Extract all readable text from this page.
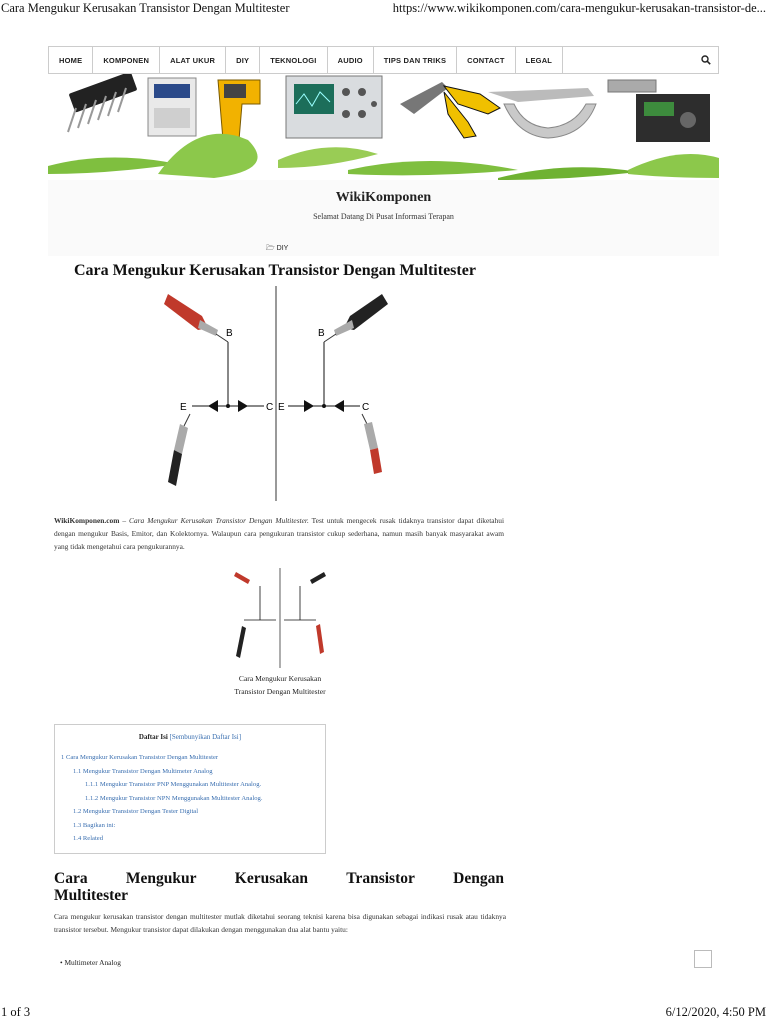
Cara Mengukur Kerusakan Transistor Dengan Multitester	https://www.wikikomponen.com/cara-mengukur-kerusakan-transistor-de...
HOME	KOMPONEN	ALAT UKUR	DIY	TEKNOLOGI	AUDIO	TIPS DAN TRIKS	CONTACT	LEGAL
WikiKomponen
Selamat Datang Di Pusat Informasi Terapan
🗁 DIY
Cara Mengukur Kerusakan Transistor Dengan Multitester
B
E	C
B
E	C
WikiKomponen.com – Cara Mengukur Kerusakan Transistor Dengan Multitester. Test untuk mengecek rusak tidaknya transistor dapat diketahui dengan mengukur Basis, Emitor, dan Kolektornya. Walaupun cara pengukuran transistor cukup sederhana, namun masih banyak masyarakat awam yang tidak mengetahui cara pengukurannya.
Cara Mengukur Kerusakan Transistor Dengan Multitester
Daftar Isi [Sembunyikan Daftar Isi]
1 Cara Mengukur Kerusakan Transistor Dengan Multitester
1.1 Mengukur Transistor Dengan Multimeter Analog
1.1.1 Mengukur Transistor PNP Menggunakan Multitester Analog.
1.1.2 Mengukur Transistor NPN Menggunakan Multitester Analog.
1.2 Mengukur Transistor Dengan Tester Digital
1.3 Bagikan ini:
1.4 Related
Cara Mengukur Kerusakan Transistor Dengan
Multitester
Cara mengukur kerusakan transistor dengan multitester mutlak diketahui seorang teknisi karena bisa digunakan sebagai indikasi rusak atau tidaknya transistor tersebut. Mengukur transistor dapat dilakukan dengan menggunakan dua alat bantu yaitu:
• Multimeter Analog
1 of 3	6/12/2020, 4:50 PM
